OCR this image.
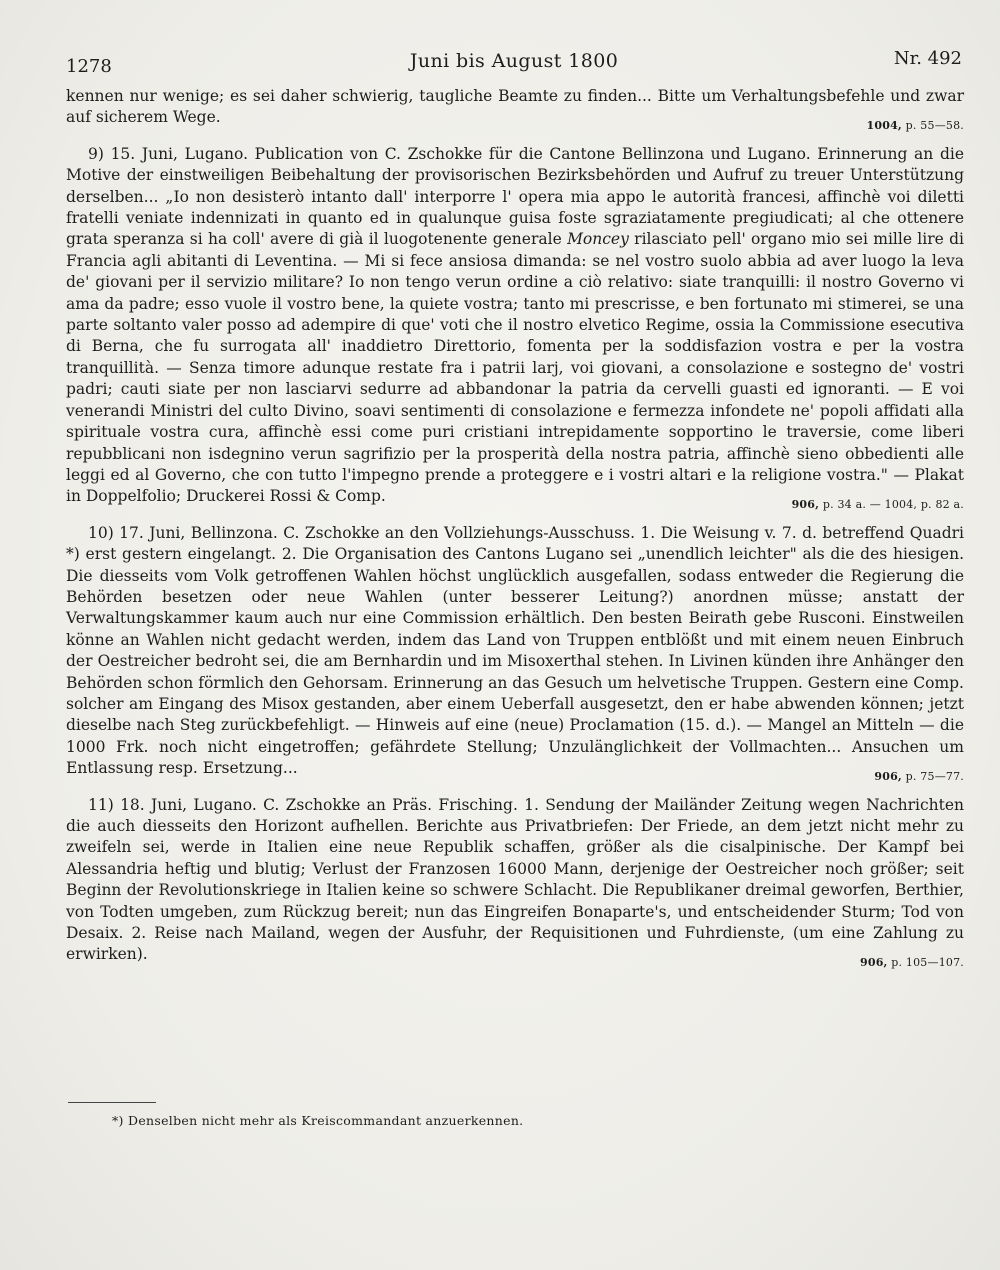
1278	Juni bis August 1800	Nr. 492

kennen nur wenige; es sei daher schwierig, taugliche Beamte zu finden... Bitte um Verhaltungsbefehle und zwar auf sicherem Wege.	1004, p. 55—58.

9) 15. Juni, Lugano. Publication von C. Zschokke für die Cantone Bellinzona und Lugano. Erinnerung an die Motive der einstweiligen Beibehaltung der provisorischen Bezirksbehörden und Aufruf zu treuer Unterstützung derselben... „Io non desisterò intanto dall' interporre l' opera mia appo le autorità francesi, affinchè voi diletti fratelli veniate indennizati in quanto ed in qualunque guisa foste sgraziatamente pregiudicati; al che ottenere grata speranza si ha coll' avere di già il luogotenente generale Moncey rilasciato pell' organo mio sei mille lire di Francia agli abitanti di Leventina. — Mi si fece ansiosa dimanda: se nel vostro suolo abbia ad aver luogo la leva de' giovani per il servizio militare? Io non tengo verun ordine a ciò relativo: siate tranquilli: il nostro Governo vi ama da padre; esso vuole il vostro bene, la quiete vostra; tanto mi prescrisse, e ben fortunato mi stimerei, se una parte soltanto valer posso ad adempire di que' voti che il nostro elvetico Regime, ossia la Commissione esecutiva di Berna, che fu surrogata all' inaddietro Direttorio, fomenta per la soddisfazion vostra e per la vostra tranquillità. — Senza timore adunque restate fra i patrii larj, voi giovani, a consolazione e sostegno de' vostri padri; cauti siate per non lasciarvi sedurre ad abbandonar la patria da cervelli guasti ed ignoranti. — E voi venerandi Ministri del culto Divino, soavi sentimenti di consolazione e fermezza infondete ne' popoli affidati alla spirituale vostra cura, affinchè essi come puri cristiani intrepidamente sopportino le traversie, come liberi repubblicani non isdegnino verun sagrifizio per la prosperità della nostra patria, affinchè sieno obbedienti alle leggi ed al Governo, che con tutto l'impegno prende a proteggere e i vostri altari e la religione vostra." — Plakat in Doppelfolio; Druckerei Rossi & Comp.	906, p. 34 a. — 1004, p. 82 a.

10) 17. Juni, Bellinzona. C. Zschokke an den Vollziehungs-Ausschuss. 1. Die Weisung v. 7. d. betreffend Quadri *) erst gestern eingelangt. 2. Die Organisation des Cantons Lugano sei „unendlich leichter" als die des hiesigen. Die diesseits vom Volk getroffenen Wahlen höchst unglücklich ausgefallen, sodass entweder die Regierung die Behörden besetzen oder neue Wahlen (unter besserer Leitung?) anordnen müsse; anstatt der Verwaltungskammer kaum auch nur eine Commission erhältlich. Den besten Beirath gebe Rusconi. Einstweilen könne an Wahlen nicht gedacht werden, indem das Land von Truppen entblößt und mit einem neuen Einbruch der Oestreicher bedroht sei, die am Bernhardin und im Misoxerthal stehen. In Livinen künden ihre Anhänger den Behörden schon förmlich den Gehorsam. Erinnerung an das Gesuch um helvetische Truppen. Gestern eine Comp. solcher am Eingang des Misox gestanden, aber einem Ueberfall ausgesetzt, den er habe abwenden können; jetzt dieselbe nach Steg zurückbefehligt. — Hinweis auf eine (neue) Proclamation (15. d.). — Mangel an Mitteln — die 1000 Frk. noch nicht eingetroffen; gefährdete Stellung; Unzulänglichkeit der Vollmachten... Ansuchen um Entlassung resp. Ersetzung...	906, p. 75—77.

11) 18. Juni, Lugano. C. Zschokke an Präs. Frisching. 1. Sendung der Mailänder Zeitung wegen Nachrichten die auch diesseits den Horizont aufhellen. Berichte aus Privatbriefen: Der Friede, an dem jetzt nicht mehr zu zweifeln sei, werde in Italien eine neue Republik schaffen, größer als die cisalpinische. Der Kampf bei Alessandria heftig und blutig; Verlust der Franzosen 16000 Mann, derjenige der Oestreicher noch größer; seit Beginn der Revolutionskriege in Italien keine so schwere Schlacht. Die Republikaner dreimal geworfen, Berthier, von Todten umgeben, zum Rückzug bereit; nun das Eingreifen Bonaparte's, und entscheidender Sturm; Tod von Desaix. 2. Reise nach Mailand, wegen der Ausfuhr, der Requisitionen und Fuhrdienste, (um eine Zahlung zu erwirken).	906, p. 105—107.
*) Denselben nicht mehr als Kreiscommandant anzuerkennen.
